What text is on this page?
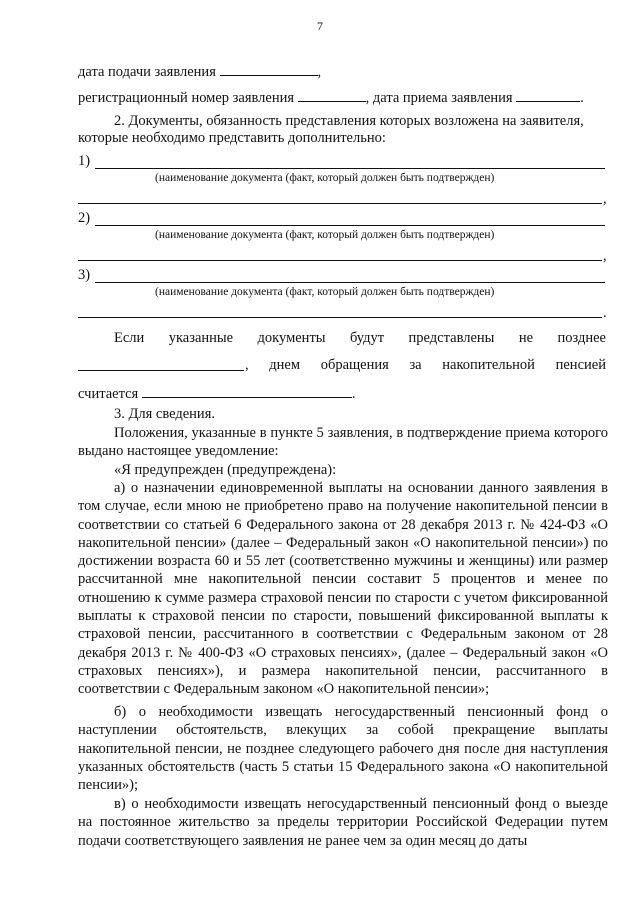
7
дата подачи заявления	,
регистрационный номер заявления	, дата приема заявления	.
2. Документы, обязанность представления которых возложена на заявителя,
которые необходимо представить дополнительно:
1)
(наименование документа (факт, который должен быть подтвержден)
,
2)
(наименование документа (факт, который должен быть подтвержден)
,
3)
(наименование документа (факт, который должен быть подтвержден)
.
Если указанные документы будут представлены не позднее
, днем обращения за накопительной пенсией
считается	.
3. Для сведения.
Положения, указанные в пункте 5 заявления, в подтверждение приема которого выдано настоящее уведомление:
«Я предупрежден (предупреждена):
а) о назначении единовременной выплаты на основании данного заявления в том случае, если мною не приобретено право на получение накопительной пенсии в соответствии со статьей 6 Федерального закона от 28 декабря 2013 г. № 424-ФЗ «О накопительной пенсии» (далее – Федеральный закон «О накопительной пенсии») по достижении возраста 60 и 55 лет (соответственно мужчины и женщины) или размер рассчитанной мне накопительной пенсии составит 5 процентов и менее по отношению к сумме размера страховой пенсии по старости с учетом фиксированной выплаты к страховой пенсии по старости, повышений фиксированной выплаты к страховой пенсии, рассчитанного в соответствии с Федеральным законом от 28 декабря 2013 г. № 400-ФЗ «О страховых пенсиях», (далее – Федеральный закон «О страховых пенсиях»), и размера накопительной пенсии, рассчитанного в соответствии с Федеральным законом «О накопительной пенсии»;
б) о необходимости извещать негосударственный пенсионный фонд о наступлении обстоятельств, влекущих за собой прекращение выплаты накопительной пенсии, не позднее следующего рабочего дня после дня наступления указанных обстоятельств (часть 5 статьи 15 Федерального закона «О накопительной пенсии»);
в) о необходимости извещать негосударственный пенсионный фонд о выезде на постоянное жительство за пределы территории Российской Федерации путем подачи соответствующего заявления не ранее чем за один месяц до даты
